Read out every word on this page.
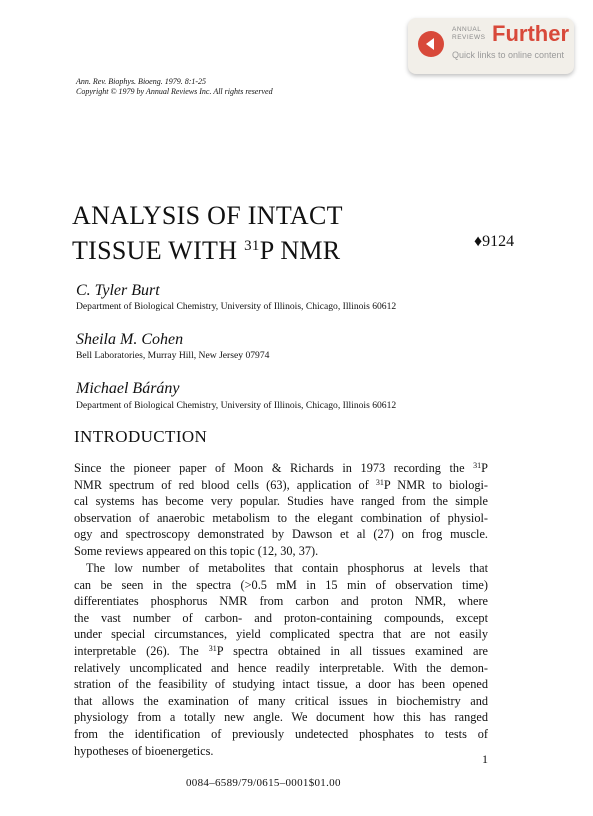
ANNUAL REVIEWS Further
Quick links to online content
Ann. Rev. Biophys. Bioeng. 1979. 8:1-25
Copyright © 1979 by Annual Reviews Inc. All rights reserved
ANALYSIS OF INTACT
TISSUE WITH $^{31}$P NMR	♦9124
C. Tyler Burt
Department of Biological Chemistry, University of Illinois, Chicago, Illinois 60612
Sheila M. Cohen
Bell Laboratories, Murray Hill, New Jersey 07974
Michael Bárány
Department of Biological Chemistry, University of Illinois, Chicago, Illinois 60612
INTRODUCTION
Since the pioneer paper of Moon & Richards in 1973 recording the $^{31}$P
NMR spectrum of red blood cells (63), application of $^{31}$P NMR to biologi-
cal systems has become very popular. Studies have ranged from the simple
observation of anaerobic metabolism to the elegant combination of physiol-
ogy and spectroscopy demonstrated by Dawson et al (27) on frog muscle.
Some reviews appeared on this topic (12, 30, 37).
The low number of metabolites that contain phosphorus at levels that
can be seen in the spectra (>0.5 mM in 15 min of observation time)
differentiates phosphorus NMR from carbon and proton NMR, where
the vast number of carbon- and proton-containing compounds, except
under special circumstances, yield complicated spectra that are not easily
interpretable (26). The $^{31}$P spectra obtained in all tissues examined are
relatively uncomplicated and hence readily interpretable. With the demon-
stration of the feasibility of studying intact tissue, a door has been opened
that allows the examination of many critical issues in biochemistry and
physiology from a totally new angle. We document how this has ranged
from the identification of previously undetected phosphates to tests of
hypotheses of bioenergetics.
1
0084–6589/79/0615–0001$01.00
